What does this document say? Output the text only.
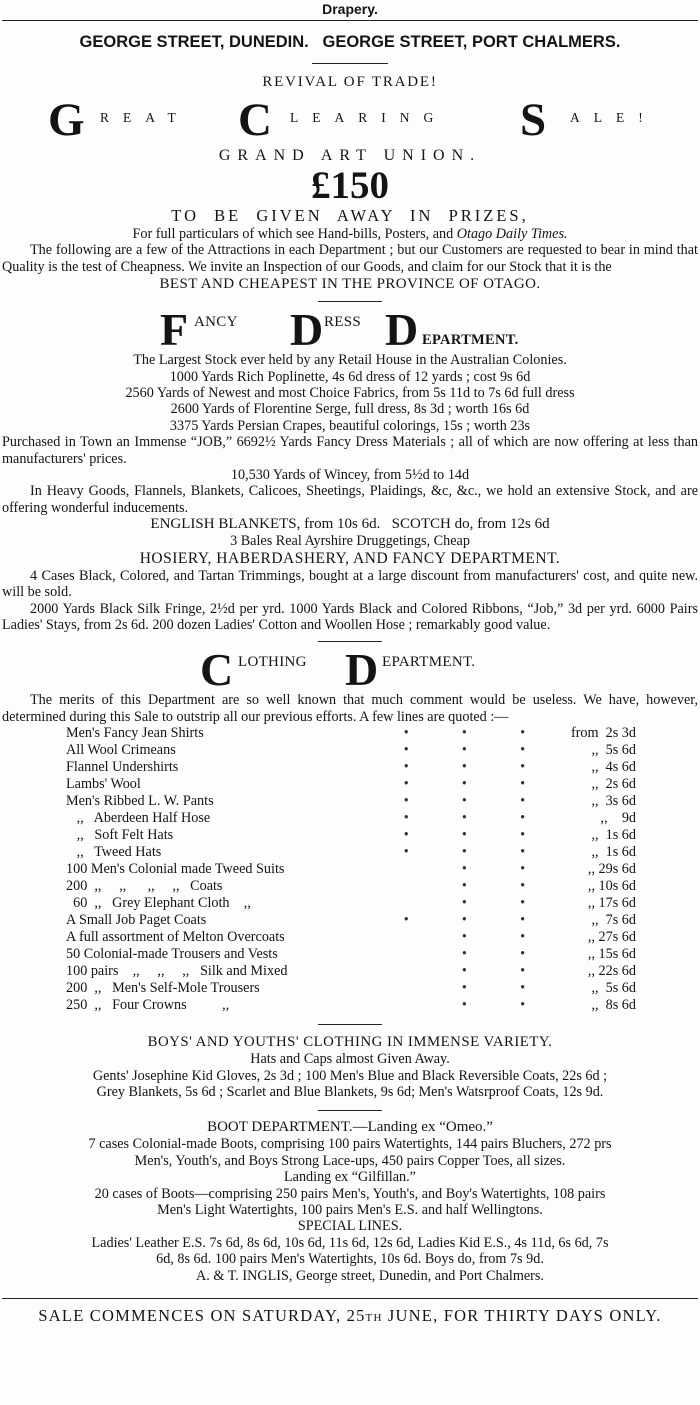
Drapery.
GEORGE STREET, DUNEDIN.   GEORGE STREET, PORT CHALMERS.
REVIVAL OF TRADE!
G REAT C LEARING S ALE!
GRAND ART UNION.
£150
TO BE GIVEN AWAY IN PRIZES,
For full particulars of which see Hand-bills, Posters, and Otago Daily Times.
The following are a few of the Attractions in each Department ; but our Customers are requested to bear in mind that Quality is the test of Cheapness. We invite an Inspection of our Goods, and claim for our Stock that it is the
BEST AND CHEAPEST IN THE PROVINCE OF OTAGO.
F ANCY D RESS D EPARTMENT.
The Largest Stock ever held by any Retail House in the Australian Colonies.
1000 Yards Rich Poplinette, 4s 6d dress of 12 yards ; cost 9s 6d
2560 Yards of Newest and most Choice Fabrics, from 5s 11d to 7s 6d full dress
2600 Yards of Florentine Serge, full dress, 8s 3d ; worth 16s 6d
3375 Yards Persian Crapes, beautiful colorings, 15s ; worth 23s
Purchased in Town an Immense “JOB,” 6692½ Yards Fancy Dress Materials ; all of which are now offering at less than manufacturers' prices.
10,530 Yards of Wincey, from 5½d to 14d
In Heavy Goods, Flannels, Blankets, Calicoes, Sheetings, Plaidings, &c, &c., we hold an extensive Stock, and are offering wonderful inducements.
ENGLISH BLANKETS, from 10s 6d.   SCOTCH do, from 12s 6d
3 Bales Real Ayrshire Druggetings, Cheap
HOSIERY, HABERDASHERY, AND FANCY DEPARTMENT.
4 Cases Black, Colored, and Tartan Trimmings, bought at a large discount from manufacturers' cost, and quite new. will be sold.
2000 Yards Black Silk Fringe, 2½d per yrd. 1000 Yards Black and Colored Ribbons, “Job,” 3d per yrd. 6000 Pairs Ladies' Stays, from 2s 6d. 200 dozen Ladies' Cotton and Woollen Hose ; remarkably good value.
C LOTHING D EPARTMENT.
The merits of this Department are so well known that much comment would be useless. We have, however, determined during this Sale to outstrip all our previous efforts. A few lines are quoted :—
Men's Fancy Jean Shirts	•	•	•	from  2s 3d
All Wool Crimeans	•	•	•	,,  5s 6d
Flannel Undershirts	•	•	•	,,  4s 6d
Lambs' Wool	•	•	•	,,  2s 6d
Men's Ribbed L. W. Pants	•	•	•	,,  3s 6d
,,   Aberdeen Half Hose	•	•	•	,,    9d
,,   Soft Felt Hats	•	•	•	,,  1s 6d
,,   Tweed Hats	•	•	•	,,  1s 6d
100 Men's Colonial made Tweed Suits		•	•	,, 29s 6d
200  ,,     ,,      ,,     ,,   Coats		•	•	,, 10s 6d
60  ,,   Grey Elephant Cloth    ,,		•	•	,, 17s 6d
A Small Job Paget Coats	•	•	•	,,  7s 6d
A full assortment of Melton Overcoats		•	•	,, 27s 6d
50 Colonial-made Trousers and Vests		•	•	,, 15s 6d
100 pairs    ,,     ,,     ,,   Silk and Mixed		•	•	,, 22s 6d
200  ,,   Men's Self-Mole Trousers		•	•	,,  5s 6d
250  ,,   Four Crowns          ,,		•	•	,,  8s 6d
BOYS' AND YOUTHS' CLOTHING IN IMMENSE VARIETY.
Hats and Caps almost Given Away.
Gents' Josephine Kid Gloves, 2s 3d ; 100 Men's Blue and Black Reversible Coats, 22s 6d ;
Grey Blankets, 5s 6d ; Scarlet and Blue Blankets, 9s 6d; Men's Watsrproof Coats, 12s 9d.
BOOT DEPARTMENT.—Landing ex “Omeo.”
7 cases Colonial-made Boots, comprising 100 pairs Watertights, 144 pairs Bluchers, 272 prs
Men's, Youth's, and Boys Strong Lace-ups, 450 pairs Copper Toes, all sizes.
Landing ex “Gilfillan.”
20 cases of Boots—comprising 250 pairs Men's, Youth's, and Boy's Watertights, 108 pairs
Men's Light Watertights, 100 pairs Men's E.S. and half Wellingtons.
SPECIAL LINES.
Ladies' Leather E.S. 7s 6d, 8s 6d, 10s 6d, 11s 6d, 12s 6d, Ladies Kid E.S., 4s 11d, 6s 6d, 7s
6d, 8s 6d. 100 pairs Men's Watertights, 10s 6d. Boys do, from 7s 9d.
A. & T. INGLIS, George street, Dunedin, and Port Chalmers.
SALE COMMENCES ON SATURDAY, 25TH JUNE, FOR THIRTY DAYS ONLY.
